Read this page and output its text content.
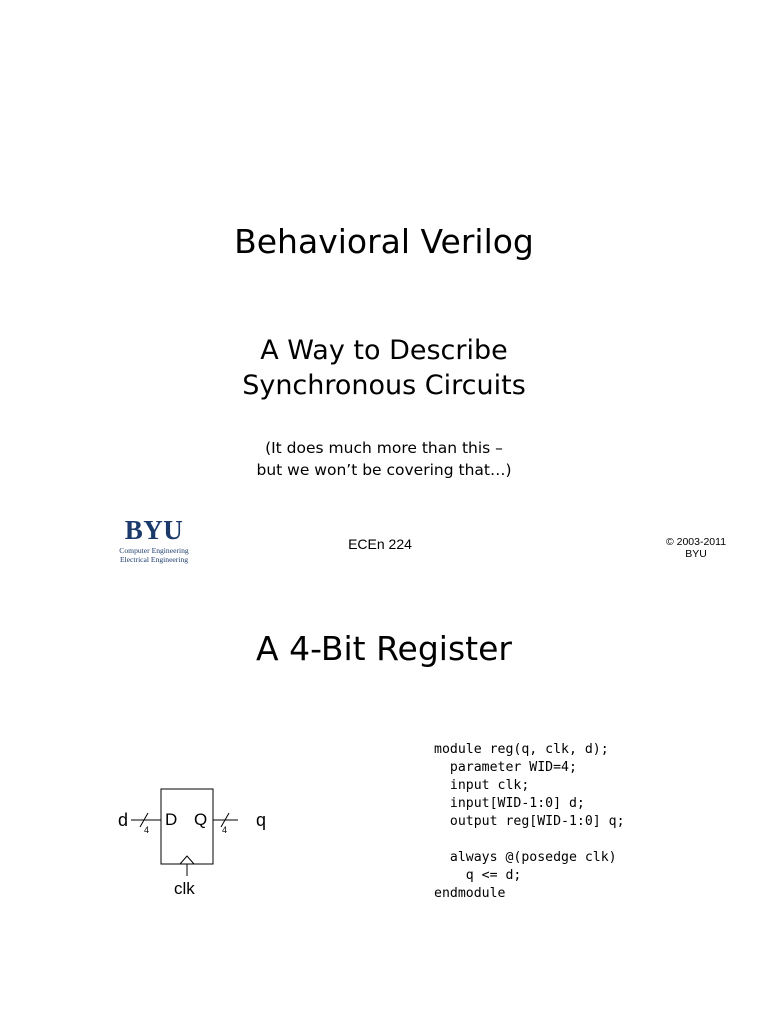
Behavioral Verilog
A Way to Describe
Synchronous Circuits
(It does much more than this –
but we won’t be covering that…)
BYU
Computer Engineering
Electrical Engineering
ECEn 224	© 2003-2011
BYU
A 4-Bit Register
module reg(q, clk, d);
parameter WID=4;
input clk;
input[WID-1:0] d;
output reg[WID-1:0] q;

always @(posedge clk)
q <= d;
endmodule
d D Q	q
4	4
clk
